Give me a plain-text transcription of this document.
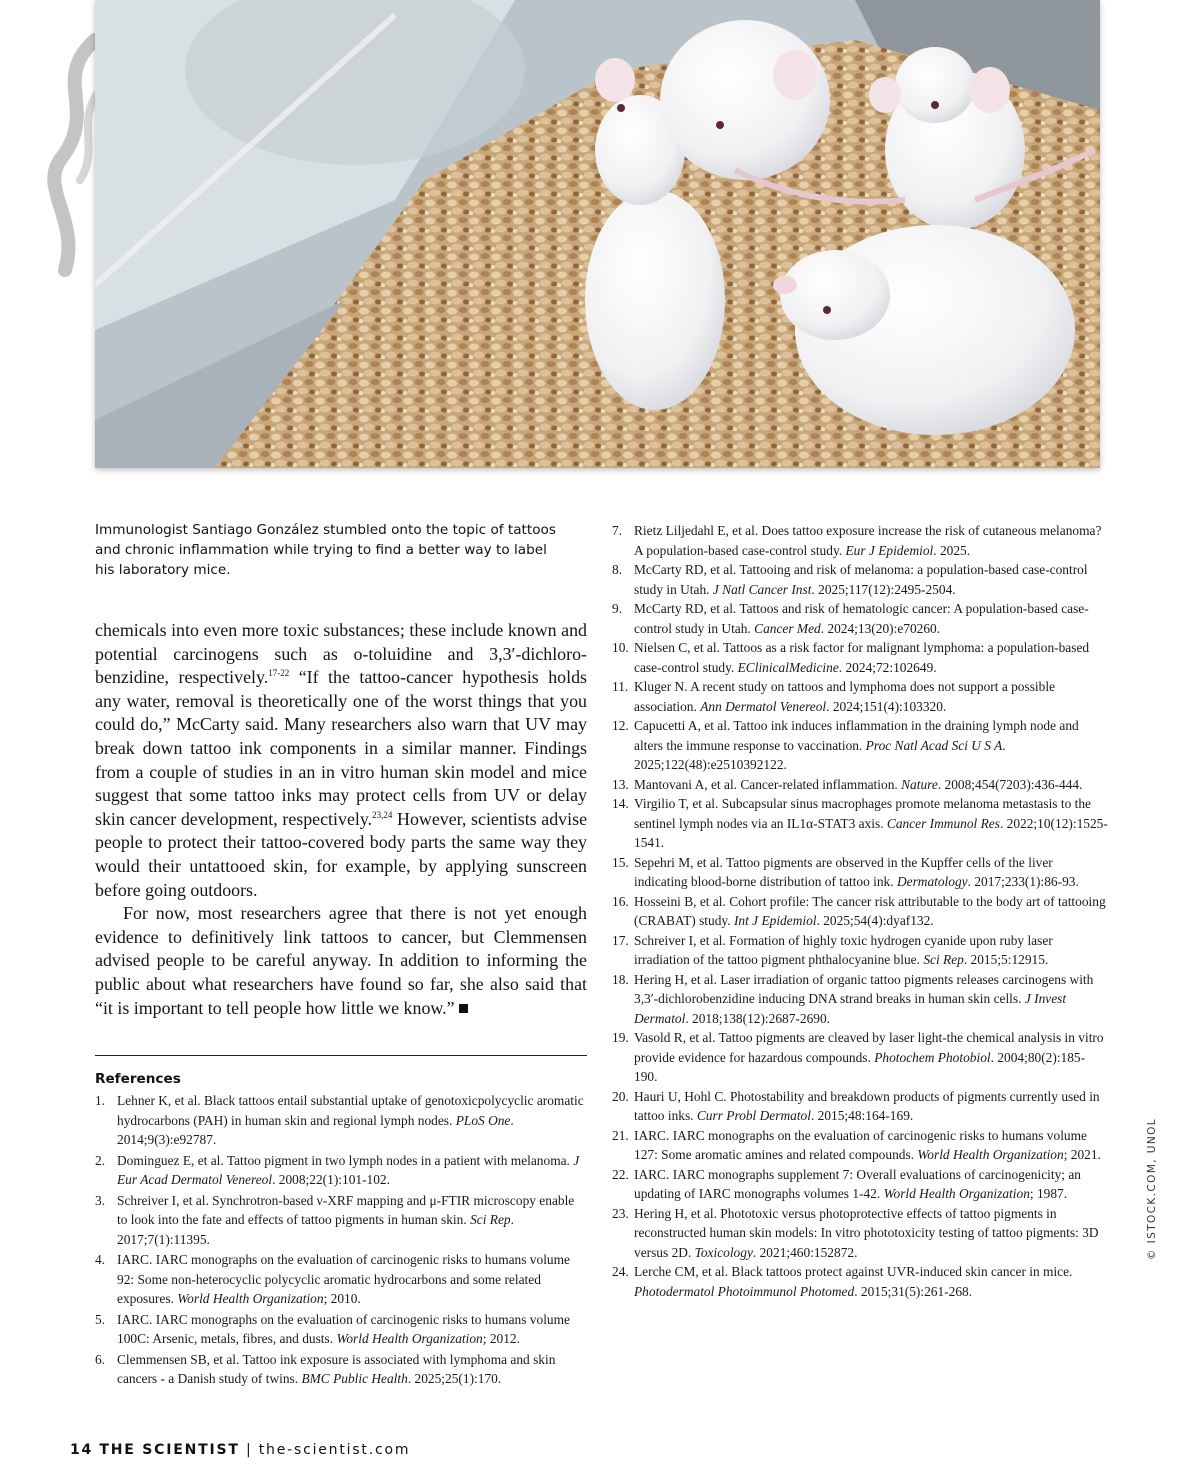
Immunologist Santiago González stumbled onto the topic of tattoos and chronic inflammation while trying to find a better way to label his laboratory mice.

chemicals into even more toxic substances; these include known and potential carcinogens such as o-toluidine and 3,3′-dichloro-benzidine, respectively.$^{17-22}$ “If the tattoo-cancer hypothesis holds any water, removal is theoretically one of the worst things that you could do,” McCarty said. Many researchers also warn that UV may break down tattoo ink components in a similar manner. Findings from a couple of studies in an in vitro human skin model and mice suggest that some tattoo inks may protect cells from UV or delay skin cancer development, respectively.$^{23,24}$ However, scientists advise people to protect their tattoo-covered body parts the same way they would their untattooed skin, for example, by applying sunscreen before going outdoors.

For now, most researchers agree that there is not yet enough evidence to definitively link tattoos to cancer, but Clemmensen advised people to be careful anyway. In addition to informing the public about what researchers have found so far, she also said that “it is important to tell people how little we know.”

References
1. Lehner K, et al. Black tattoos entail substantial uptake of genotoxicpolycyclic aromatic hydrocarbons (PAH) in human skin and regional lymph nodes. PLoS One. 2014;9(3):e92787.
2. Dominguez E, et al. Tattoo pigment in two lymph nodes in a patient with melanoma. J Eur Acad Dermatol Venereol. 2008;22(1):101-102.
3. Schreiver I, et al. Synchrotron-based ν-XRF mapping and μ-FTIR microscopy enable to look into the fate and effects of tattoo pigments in human skin. Sci Rep. 2017;7(1):11395.
4. IARC. IARC monographs on the evaluation of carcinogenic risks to humans volume 92: Some non-heterocyclic polycyclic aromatic hydrocarbons and some related exposures. World Health Organization; 2010.
5. IARC. IARC monographs on the evaluation of carcinogenic risks to humans volume 100C: Arsenic, metals, fibres, and dusts. World Health Organization; 2012.
6. Clemmensen SB, et al. Tattoo ink exposure is associated with lymphoma and skin cancers - a Danish study of twins. BMC Public Health. 2025;25(1):170.
7. Rietz Liljedahl E, et al. Does tattoo exposure increase the risk of cutaneous melanoma? A population-based case-control study. Eur J Epidemiol. 2025.
8. McCarty RD, et al. Tattooing and risk of melanoma: a population-based case-control study in Utah. J Natl Cancer Inst. 2025;117(12):2495-2504.
9. McCarty RD, et al. Tattoos and risk of hematologic cancer: A population-based case-control study in Utah. Cancer Med. 2024;13(20):e70260.
10. Nielsen C, et al. Tattoos as a risk factor for malignant lymphoma: a population-based case-control study. EClinicalMedicine. 2024;72:102649.
11. Kluger N. A recent study on tattoos and lymphoma does not support a possible association. Ann Dermatol Venereol. 2024;151(4):103320.
12. Capucetti A, et al. Tattoo ink induces inflammation in the draining lymph node and alters the immune response to vaccination. Proc Natl Acad Sci U S A. 2025;122(48):e2510392122.
13. Mantovani A, et al. Cancer-related inflammation. Nature. 2008;454(7203):436-444.
14. Virgilio T, et al. Subcapsular sinus macrophages promote melanoma metastasis to the sentinel lymph nodes via an IL1α-STAT3 axis. Cancer Immunol Res. 2022;10(12):1525-1541.
15. Sepehri M, et al. Tattoo pigments are observed in the Kupffer cells of the liver indicating blood-borne distribution of tattoo ink. Dermatology. 2017;233(1):86-93.
16. Hosseini B, et al. Cohort profile: The cancer risk attributable to the body art of tattooing (CRABAT) study. Int J Epidemiol. 2025;54(4):dyaf132.
17. Schreiver I, et al. Formation of highly toxic hydrogen cyanide upon ruby laser irradiation of the tattoo pigment phthalocyanine blue. Sci Rep. 2015;5:12915.
18. Hering H, et al. Laser irradiation of organic tattoo pigments releases carcinogens with 3,3′-dichlorobenzidine inducing DNA strand breaks in human skin cells. J Invest Dermatol. 2018;138(12):2687-2690.
19. Vasold R, et al. Tattoo pigments are cleaved by laser light-the chemical analysis in vitro provide evidence for hazardous compounds. Photochem Photobiol. 2004;80(2):185-190.
20. Hauri U, Hohl C. Photostability and breakdown products of pigments currently used in tattoo inks. Curr Probl Dermatol. 2015;48:164-169.
21. IARC. IARC monographs on the evaluation of carcinogenic risks to humans volume 127: Some aromatic amines and related compounds. World Health Organization; 2021.
22. IARC. IARC monographs supplement 7: Overall evaluations of carcinogenicity; an updating of IARC monographs volumes 1-42. World Health Organization; 1987.
23. Hering H, et al. Phototoxic versus photoprotective effects of tattoo pigments in reconstructed human skin models: In vitro phototoxicity testing of tattoo pigments: 3D versus 2D. Toxicology. 2021;460:152872.
24. Lerche CM, et al. Black tattoos protect against UVR-induced skin cancer in mice. Photodermatol Photoimmunol Photomed. 2015;31(5):261-268.
14 THE SCIENTIST | the-scientist.com
© ISTOCK.COM, UNOL
